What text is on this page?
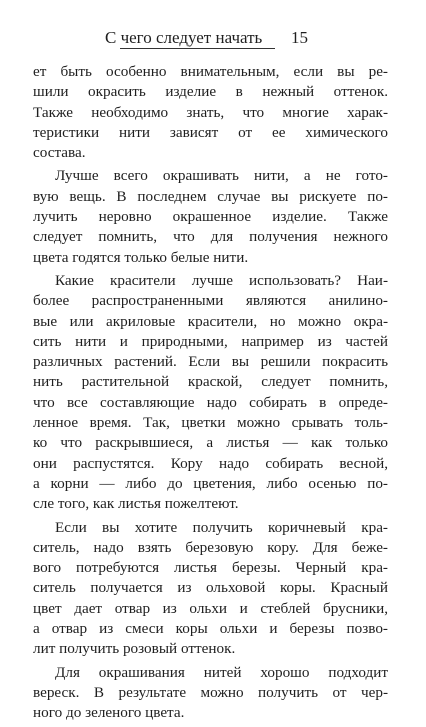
С чего следует начать 15
ет быть особенно внимательным, если вы ре-
шили окрасить изделие в нежный оттенок.
Также необходимо знать, что многие харак-
теристики нити зависят от ее химического
состава.
Лучше всего окрашивать нити, а не гото-
вую вещь. В последнем случае вы рискуете по-
лучить неровно окрашенное изделие. Также
следует помнить, что для получения нежного
цвета годятся только белые нити.
Какие красители лучше использовать? Наи-
более распространенными являются анилино-
вые или акриловые красители, но можно окра-
сить нити и природными, например из частей
различных растений. Если вы решили покрасить
нить растительной краской, следует помнить,
что все составляющие надо собирать в опреде-
ленное время. Так, цветки можно срывать толь-
ко что раскрывшиеся, а листья — как только
они распустятся. Кору надо собирать весной,
а корни — либо до цветения, либо осенью по-
сле того, как листья пожелтеют.
Если вы хотите получить коричневый кра-
ситель, надо взять березовую кору. Для беже-
вого потребуются листья березы. Черный кра-
ситель получается из ольховой коры. Красный
цвет дает отвар из ольхи и стеблей брусники,
а отвар из смеси коры ольхи и березы позво-
лит получить розовый оттенок.
Для окрашивания нитей хорошо подходит
вереск. В результате можно получить от чер-
ного до зеленого цвета.
